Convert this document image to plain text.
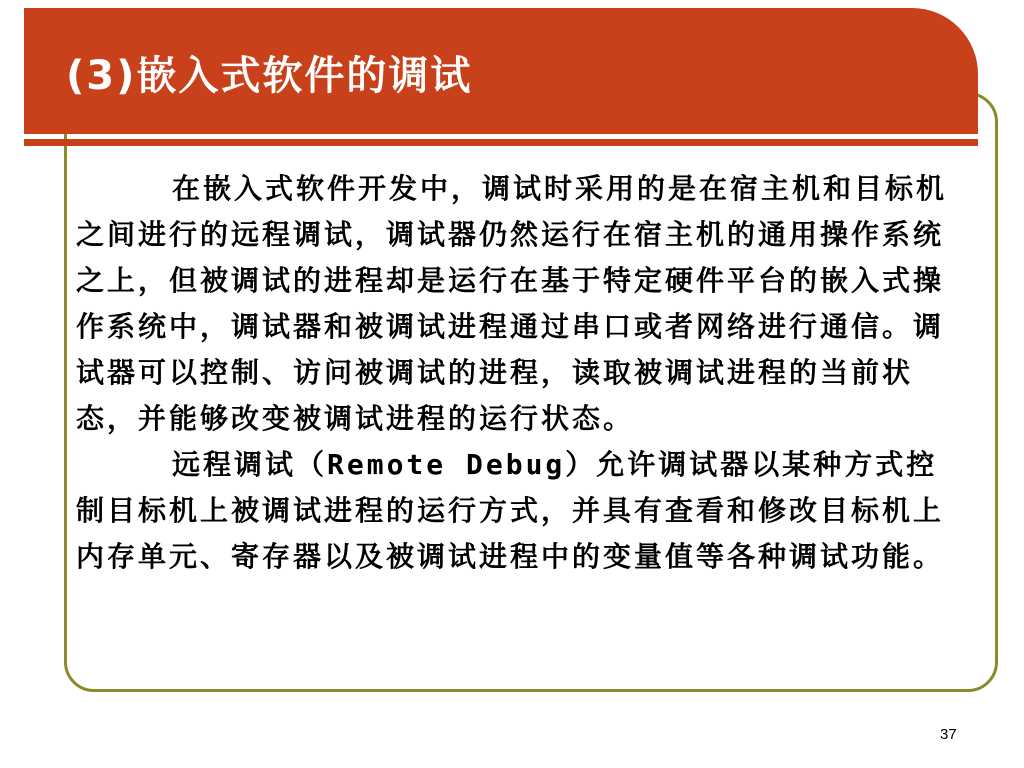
(3)嵌入式软件的调试

在嵌入式软件开发中，调试时采用的是在宿主机和目标机之间进行的远程调试，调试器仍然运行在宿主机的通用操作系统之上，但被调试的进程却是运行在基于特定硬件平台的嵌入式操作系统中，调试器和被调试进程通过串口或者网络进行通信。调试器可以控制、访问被调试的进程，读取被调试进程的当前状态，并能够改变被调试进程的运行状态。

远程调试（Remote Debug）允许调试器以某种方式控制目标机上被调试进程的运行方式，并具有查看和修改目标机上内存单元、寄存器以及被调试进程中的变量值等各种调试功能。

37
